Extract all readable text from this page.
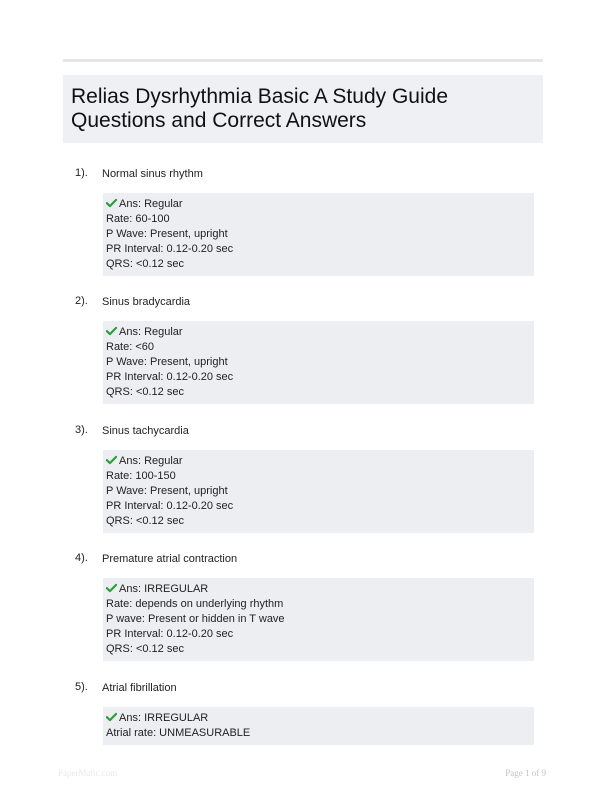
Relias Dysrhythmia Basic A Study Guide
Questions and Correct Answers
1). Normal sinus rhythm
Ans: Regular
Rate: 60-100
P Wave: Present, upright
PR Interval: 0.12-0.20 sec
QRS: <0.12 sec
2). Sinus bradycardia
Ans: Regular
Rate: <60
P Wave: Present, upright
PR Interval: 0.12-0.20 sec
QRS: <0.12 sec
3). Sinus tachycardia
Ans: Regular
Rate: 100-150
P Wave: Present, upright
PR Interval: 0.12-0.20 sec
QRS: <0.12 sec
4). Premature atrial contraction
Ans: IRREGULAR
Rate: depends on underlying rhythm
P wave: Present or hidden in T wave
PR Interval: 0.12-0.20 sec
QRS: <0.12 sec
5). Atrial fibrillation
Ans: IRREGULAR
Atrial rate: UNMEASURABLE
PaperMatic.com	Page 1 of 9
